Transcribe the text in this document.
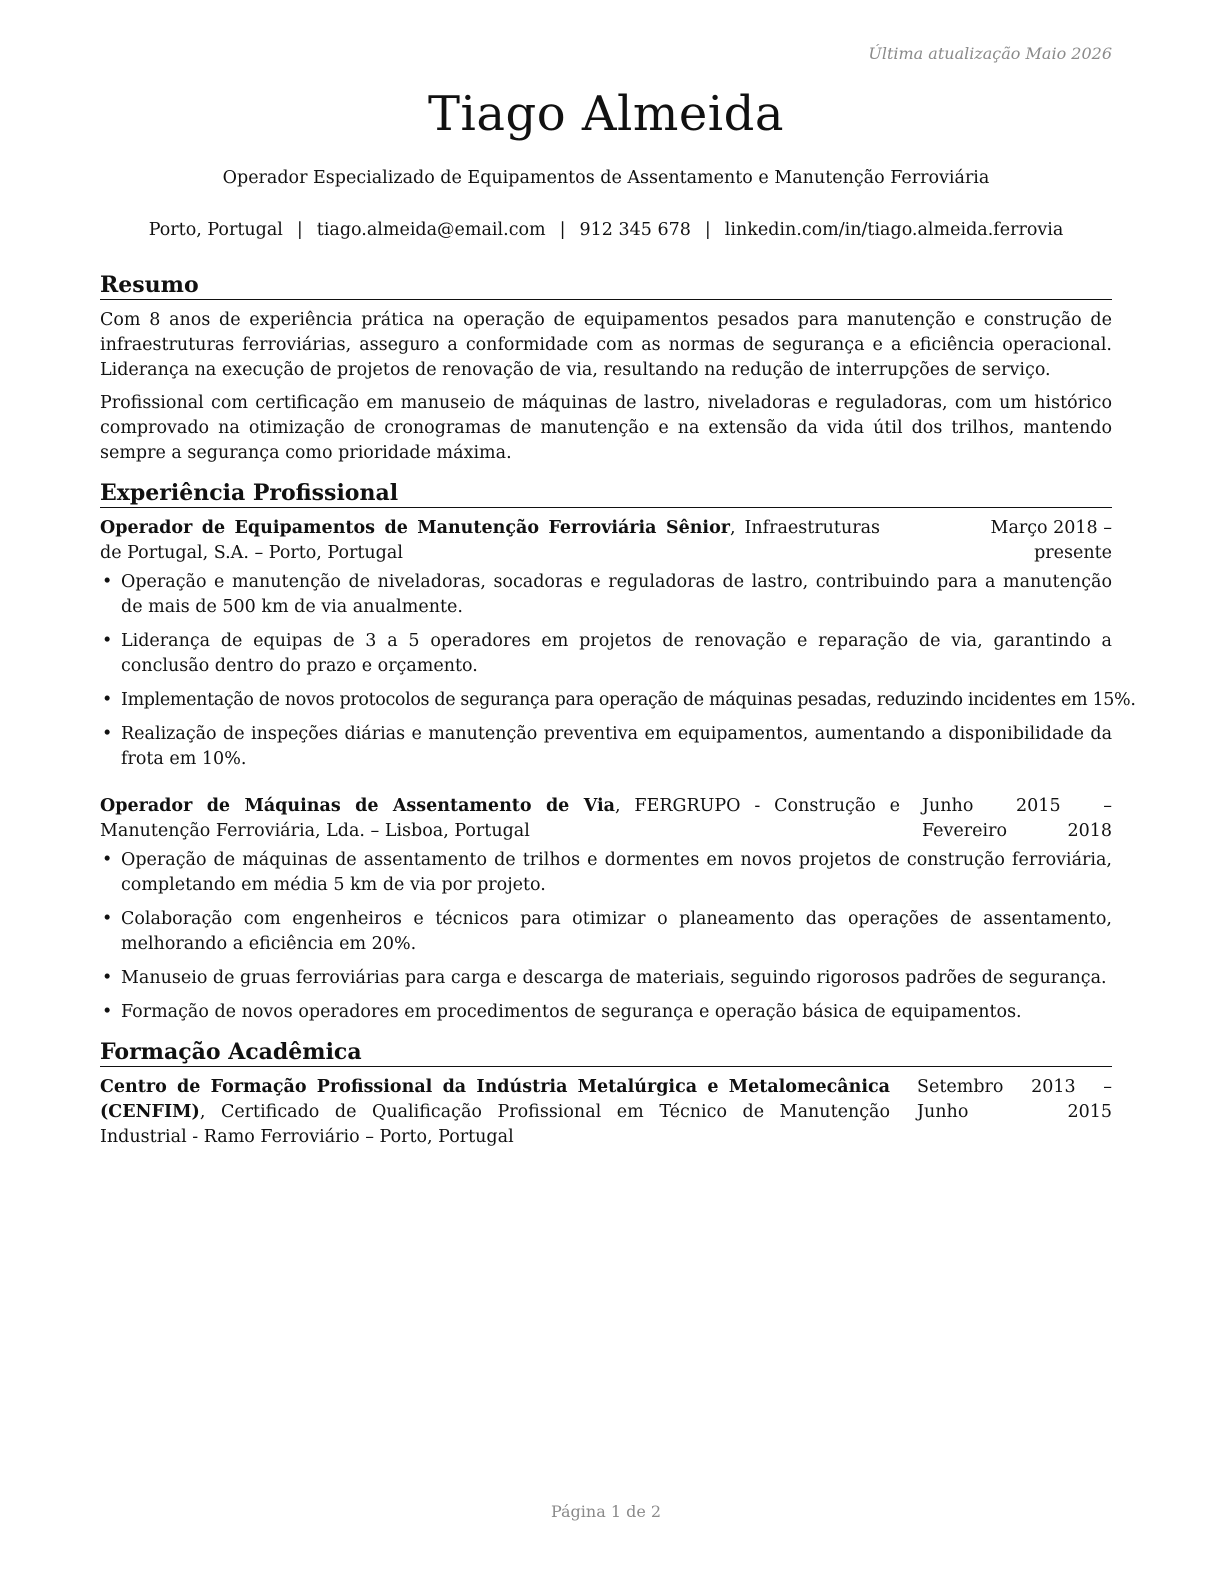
Última atualização Maio 2026
Tiago Almeida
Operador Especializado de Equipamentos de Assentamento e Manutenção Ferroviária
Porto, Portugal | tiago.almeida@email.com | 912 345 678 | linkedin.com/in/tiago.almeida.ferrovia
Resumo

Com 8 anos de experiência prática na operação de equipamentos pesados para manutenção e construção de infraestruturas ferroviárias, asseguro a conformidade com as normas de segurança e a eficiência operacional. Liderança na execução de projetos de renovação de via, resultando na redução de interrupções de serviço.

Profissional com certificação em manuseio de máquinas de lastro, niveladoras e reguladoras, com um histórico comprovado na otimização de cronogramas de manutenção e na extensão da vida útil dos trilhos, mantendo sempre a segurança como prioridade máxima.

Experiência Profissional
Operador de Equipamentos de Manutenção Ferroviária Sênior, Infraestruturas de Portugal, S.A. – Porto, Portugal
Março 2018 – presente
• Operação e manutenção de niveladoras, socadoras e reguladoras de lastro, contribuindo para a manutenção de mais de 500 km de via anualmente.
• Liderança de equipas de 3 a 5 operadores em projetos de renovação e reparação de via, garantindo a conclusão dentro do prazo e orçamento.
• Implementação de novos protocolos de segurança para operação de máquinas pesadas, reduzindo incidentes em 15%.
• Realização de inspeções diárias e manutenção preventiva em equipamentos, aumentando a disponibilidade da frota em 10%.
Operador de Máquinas de Assentamento de Via, FERGRUPO - Construção e Manutenção Ferroviária, Lda. – Lisboa, Portugal
Junho 2015 – Fevereiro 2018
• Operação de máquinas de assentamento de trilhos e dormentes em novos projetos de construção ferroviária, completando em média 5 km de via por projeto.
• Colaboração com engenheiros e técnicos para otimizar o planeamento das operações de assentamento, melhorando a eficiência em 20%.
• Manuseio de gruas ferroviárias para carga e descarga de materiais, seguindo rigorosos padrões de segurança.
• Formação de novos operadores em procedimentos de segurança e operação básica de equipamentos.
Formação Acadêmica
Centro de Formação Profissional da Indústria Metalúrgica e Metalomecânica (CENFIM), Certificado de Qualificação Profissional em Técnico de Manutenção Industrial - Ramo Ferroviário – Porto, Portugal
Setembro 2013 – Junho 2015
Página 1 de 2
